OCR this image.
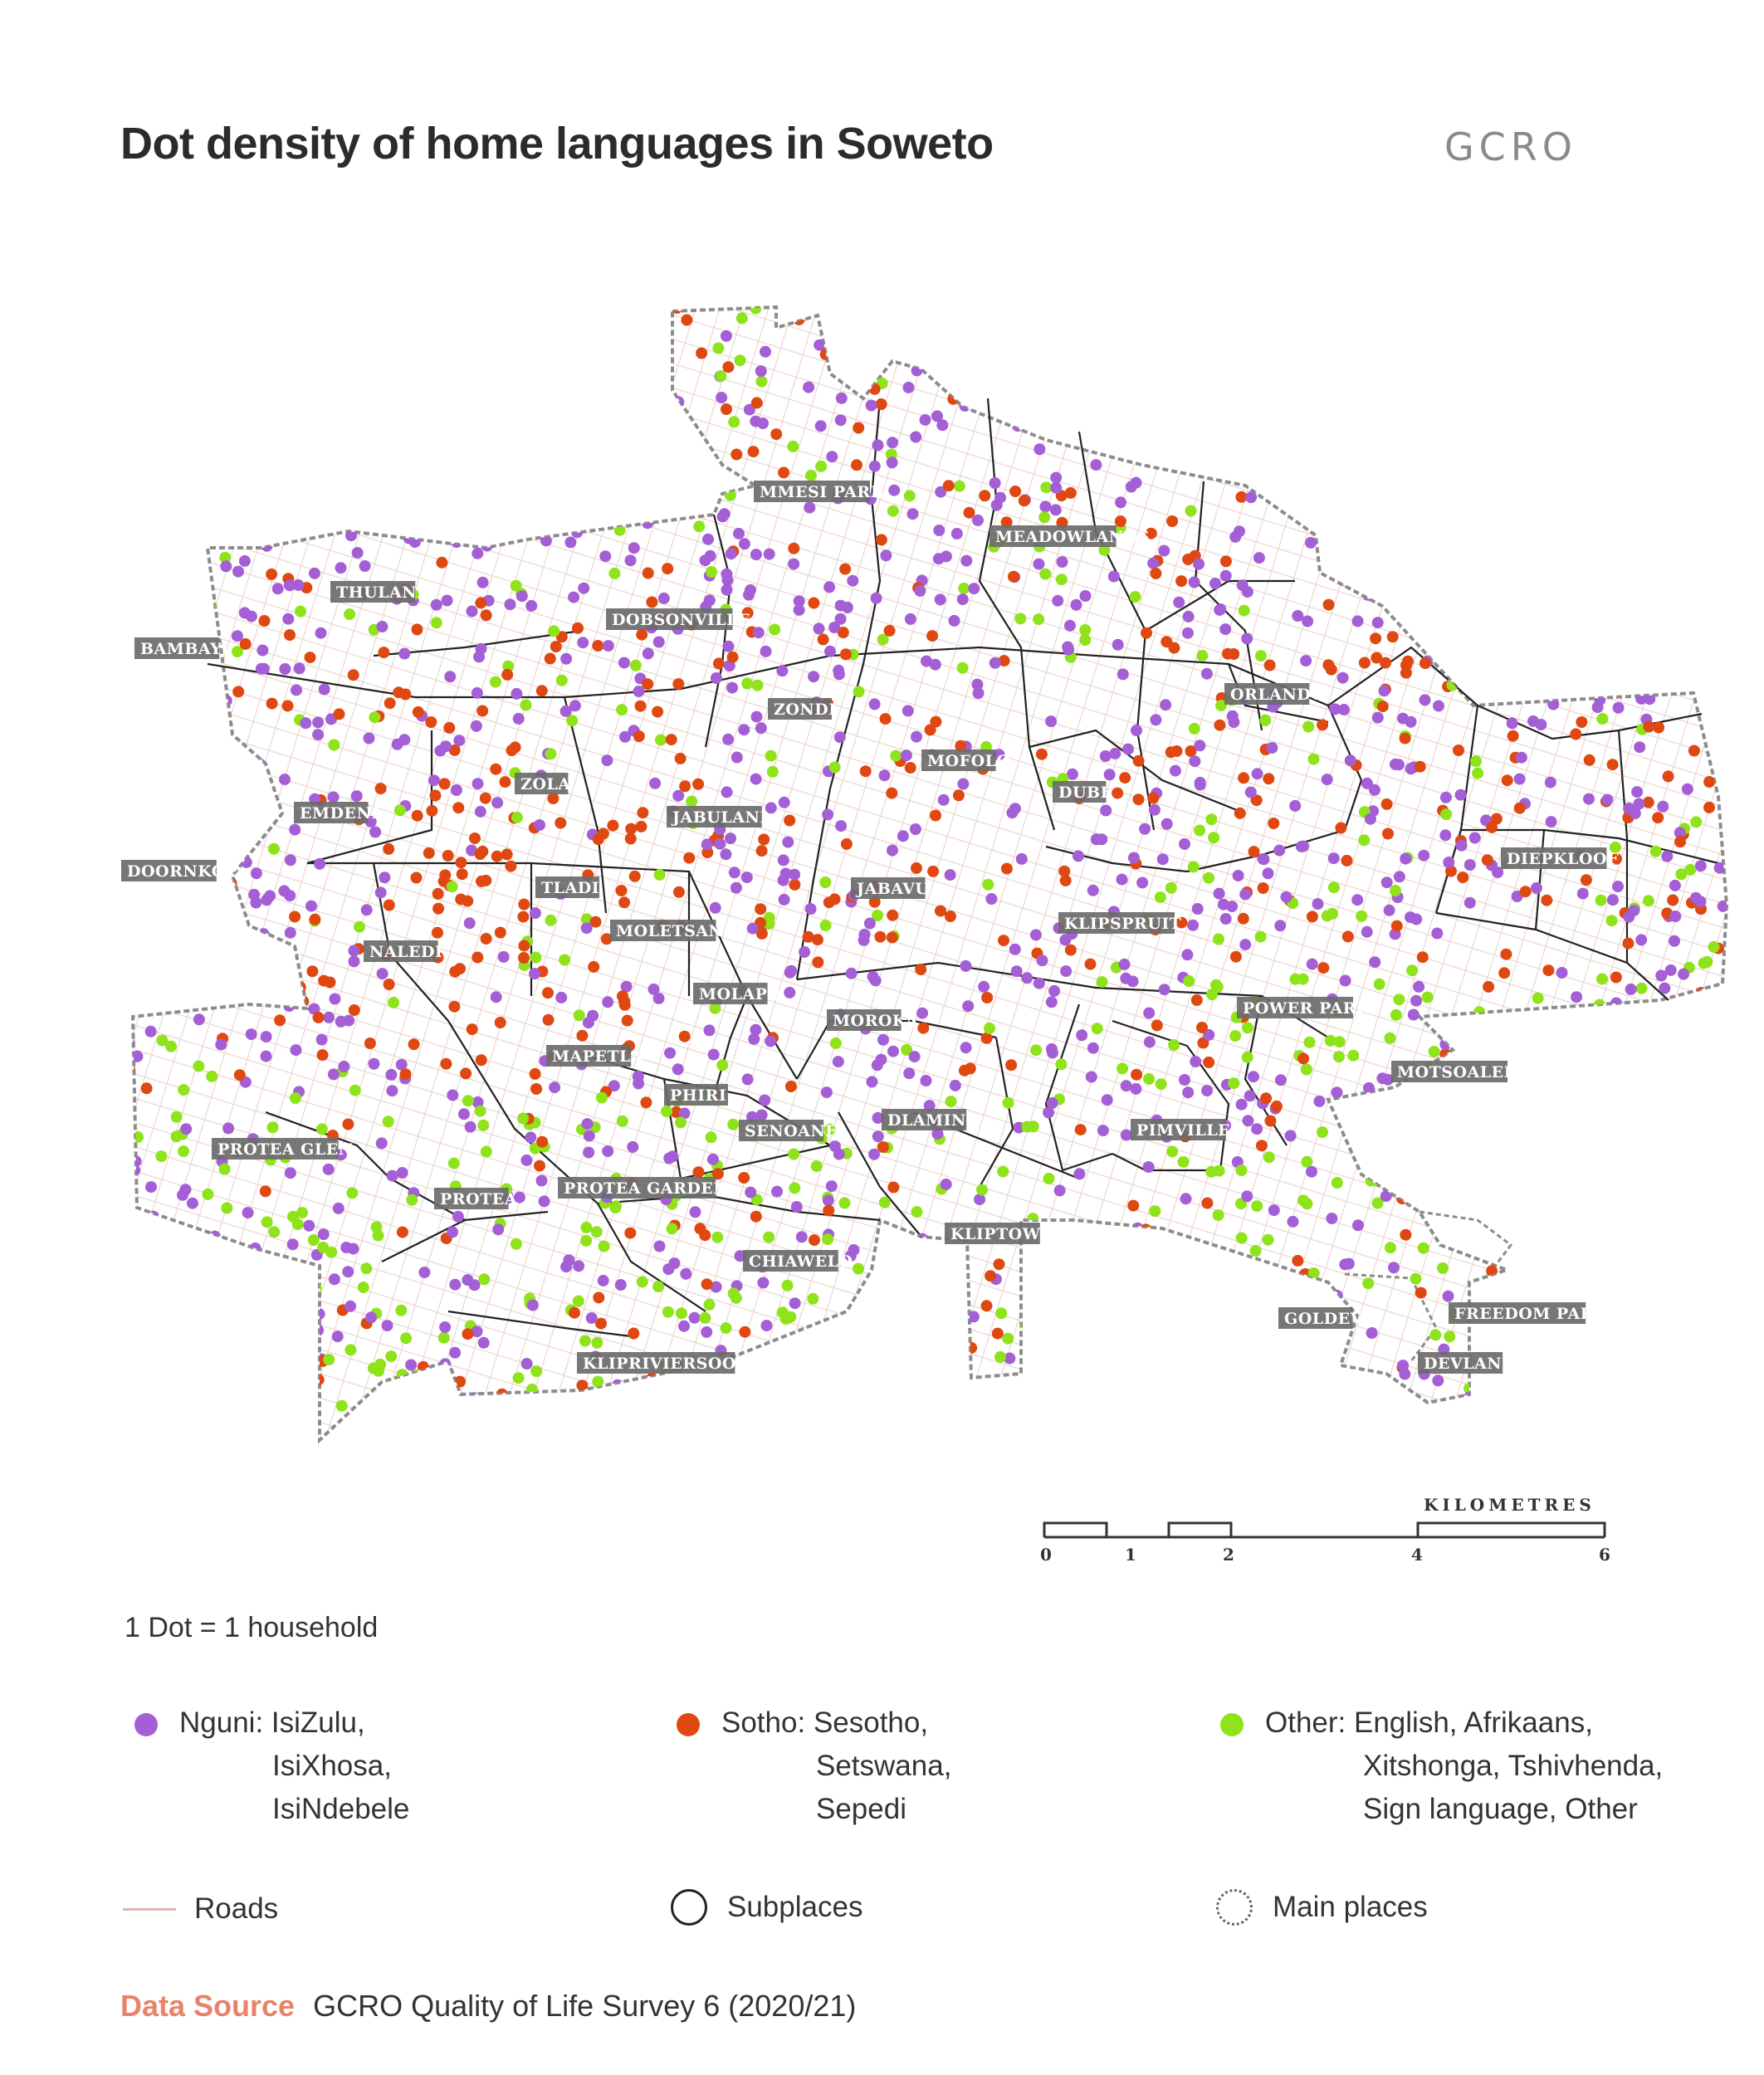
Dot density of home languages in Soweto	GCRO
MMESI PARK
MEADOWLANDS
THULANI
DOBSONVILLE
BAMBAYI
ZONDI
ORLANDO
MOFOLO
ZOLA	DUBE
EMDENI	JABULANI
DIEPKLOOF
DOORNKOP
TLADI	JABAVU
MOLETSANE	KLIPSPRUIT
NALEDI
MOLAPO
POWER PARK
MOROKA
MAPETLA
MOTSOALEDI
PHIRI
DLAMINI
SENOANE	PIMVILLE
PROTEA GLEN
PROTEA GARDENS
PROTEA
KLIPTOWN
CHIAWELO
GOLDEV	FREEDOM PARK
KLIPRIVIERSOOG	DEVLAND
KILOMETRES
0	1	2	4	6
1 Dot = 1 household
Nguni: IsiZulu,
IsiXhosa,
IsiNdebele
Sotho: Sesotho,
Setswana,
Sepedi
Other: English, Afrikaans,
Xitshonga, Tshivhenda,
Sign language, Other
Roads	Subplaces	Main places
Data Source GCRO Quality of Life Survey 6 (2020/21)
